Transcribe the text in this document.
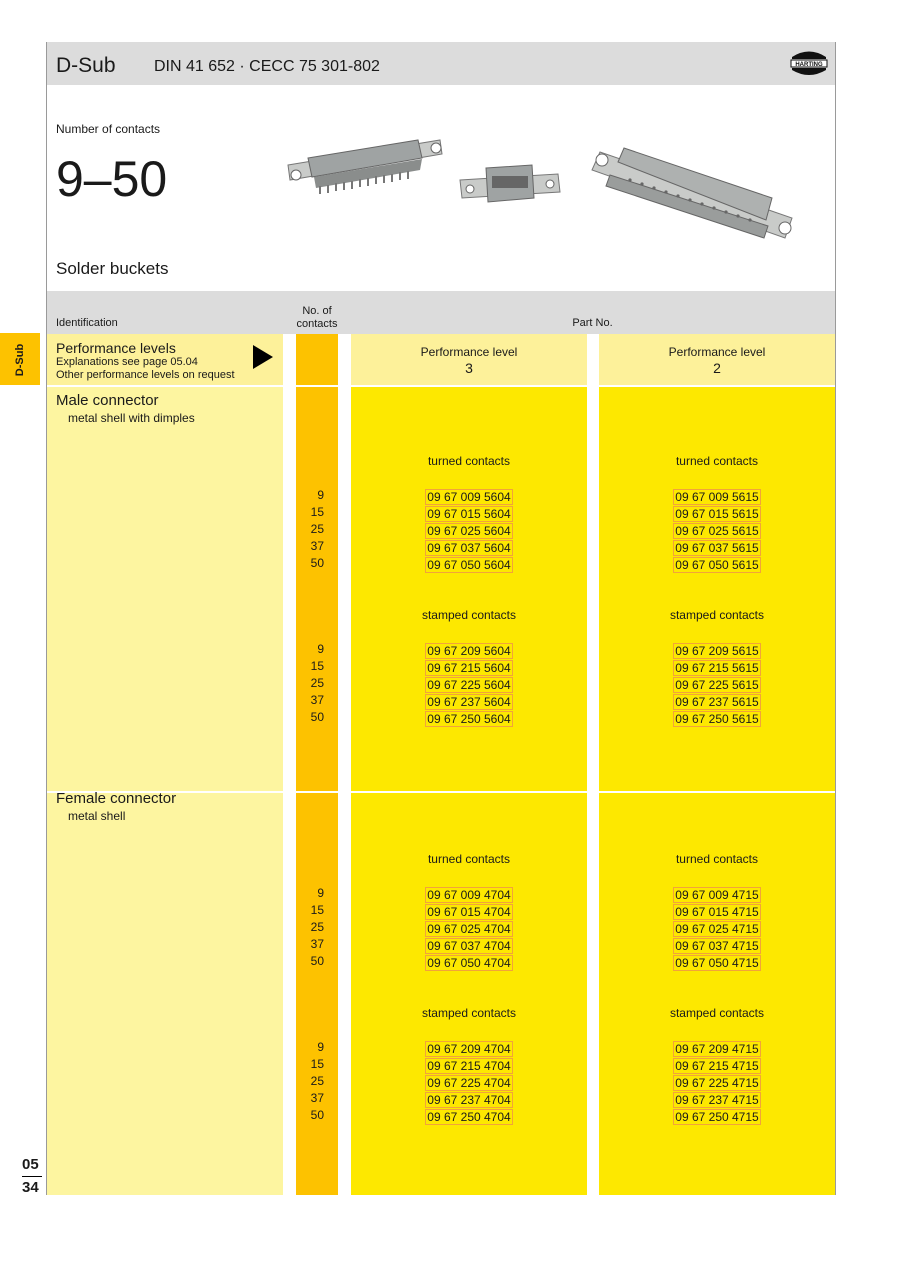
D-Sub DIN 41 652 · CECC 75 301-802	HARTING
Number of contacts
9–50
Solder buckets
Identification
No. of
contacts	Part No.
Performance levels
Explanations see page 05.04
Other performance levels on request
Performance level
3
Performance level
2
D-Sub
05
34
Male connector
metal shell with dimples
turned contacts	turned contacts
9	09 67 009 5604	09 67 009 5615
15	09 67 015 5604	09 67 015 5615
25	09 67 025 5604	09 67 025 5615
37	09 67 037 5604	09 67 037 5615
50	09 67 050 5604	09 67 050 5615
stamped contacts	stamped contacts
9	09 67 209 5604	09 67 209 5615
15	09 67 215 5604	09 67 215 5615
25	09 67 225 5604	09 67 225 5615
37	09 67 237 5604	09 67 237 5615
50	09 67 250 5604	09 67 250 5615
Female connector
metal shell
turned contacts	turned contacts
9	09 67 009 4704	09 67 009 4715
15	09 67 015 4704	09 67 015 4715
25	09 67 025 4704	09 67 025 4715
37	09 67 037 4704	09 67 037 4715
50	09 67 050 4704	09 67 050 4715
stamped contacts	stamped contacts
9	09 67 209 4704	09 67 209 4715
15	09 67 215 4704	09 67 215 4715
25	09 67 225 4704	09 67 225 4715
37	09 67 237 4704	09 67 237 4715
50	09 67 250 4704	09 67 250 4715
